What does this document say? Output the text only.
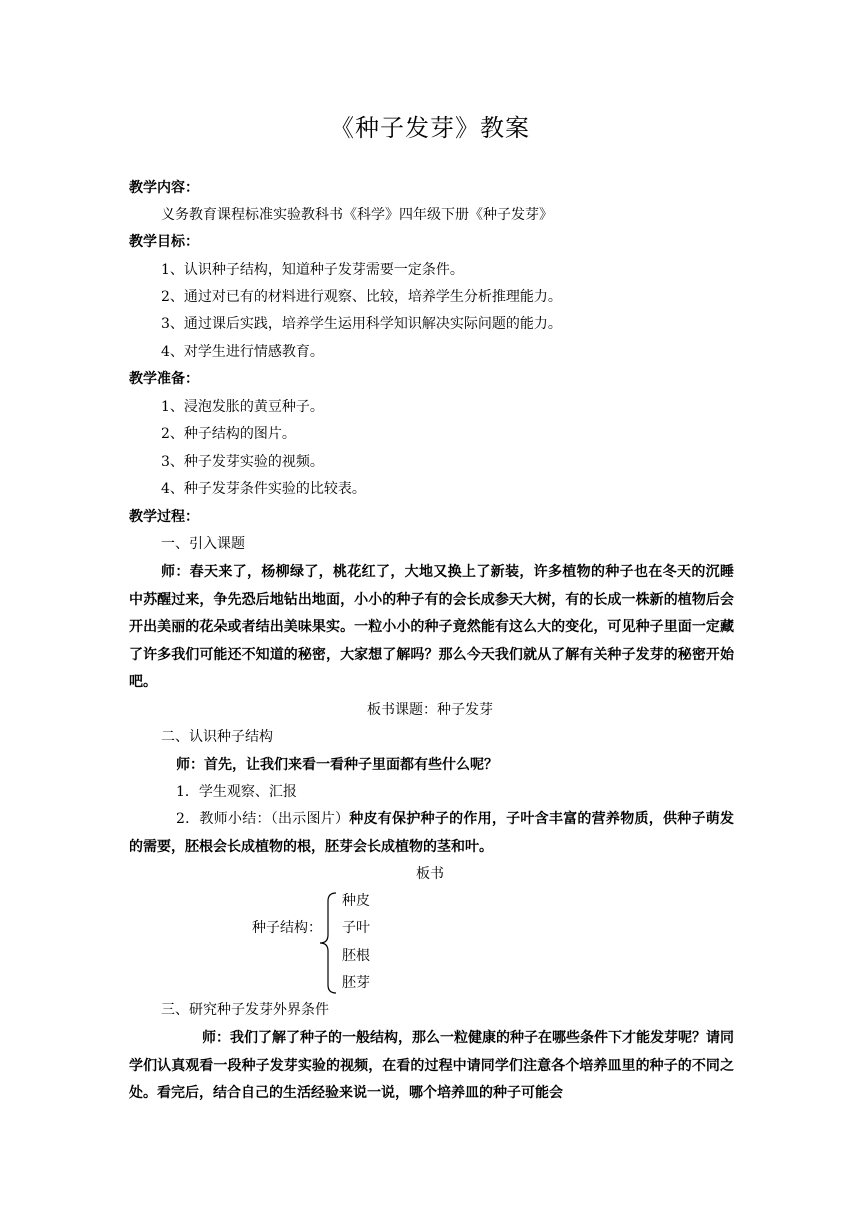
《种子发芽》教案
教学内容：
义务教育课程标准实验教科书《科学》四年级下册《种子发芽》
教学目标：
1、认识种子结构，知道种子发芽需要一定条件。
2、通过对已有的材料进行观察、比较，培养学生分析推理能力。
3、通过课后实践，培养学生运用科学知识解决实际问题的能力。
4、对学生进行情感教育。
教学准备：
1、浸泡发胀的黄豆种子。
2、种子结构的图片。
3、种子发芽实验的视频。
4、种子发芽条件实验的比较表。
教学过程：
一、引入课题
师：春天来了，杨柳绿了，桃花红了，大地又换上了新装，许多植物的种子也在冬天的沉睡中苏醒过来，争先恐后地钻出地面，小小的种子有的会长成参天大树，有的长成一株新的植物后会开出美丽的花朵或者结出美味果实。一粒小小的种子竟然能有这么大的变化，可见种子里面一定藏了许多我们可能还不知道的秘密，大家想了解吗？那么今天我们就从了解有关种子发芽的秘密开始吧。
板书课题：种子发芽
二、认识种子结构
师：首先，让我们来看一看种子里面都有些什么呢？
1．学生观察、汇报
2．教师小结：（出示图片）种皮有保护种子的作用，子叶含丰富的营养物质，供种子萌发的需要，胚根会长成植物的根，胚芽会长成植物的茎和叶。
板书
种子结构：
种皮
子叶
胚根
胚芽
三、研究种子发芽外界条件
师：我们了解了种子的一般结构，那么一粒健康的种子在哪些条件下才能发芽呢？请同学们认真观看一段种子发芽实验的视频，在看的过程中请同学们注意各个培养皿里的种子的不同之处。看完后，结合自己的生活经验来说一说，哪个培养皿的种子可能会
